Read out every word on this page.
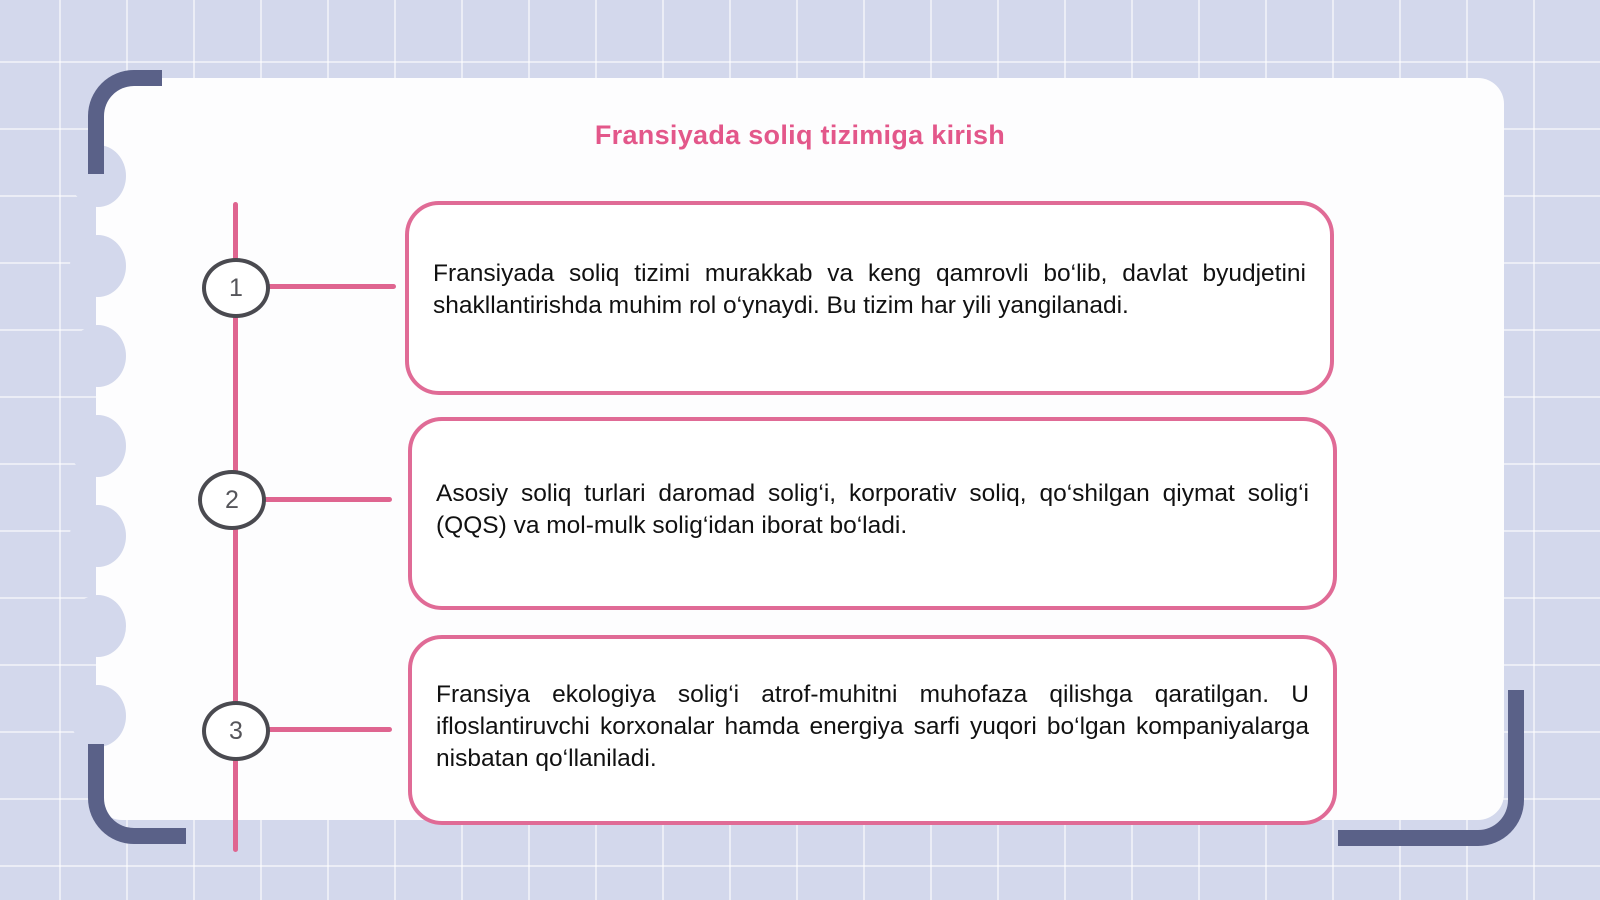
Fransiyada soliq tizimiga kirish
1

Fransiyada soliq tizimi murakkab va keng qamrovli bo‘lib, davlat byudjetini shakllantirishda muhim rol o‘ynaydi. Bu tizim har yili yangilanadi.

2	Asosiy soliq turlari daromad solig‘i, korporativ soliq, qo‘shilgan qiymat solig‘i (QQS) va mol-mulk solig‘idan iborat bo‘ladi.

3

Fransiya ekologiya solig‘i atrof-muhitni muhofaza qilishga qaratilgan. U ifloslantiruvchi korxonalar hamda energiya sarfi yuqori bo‘lgan kompaniyalarga nisbatan qo‘llaniladi.
